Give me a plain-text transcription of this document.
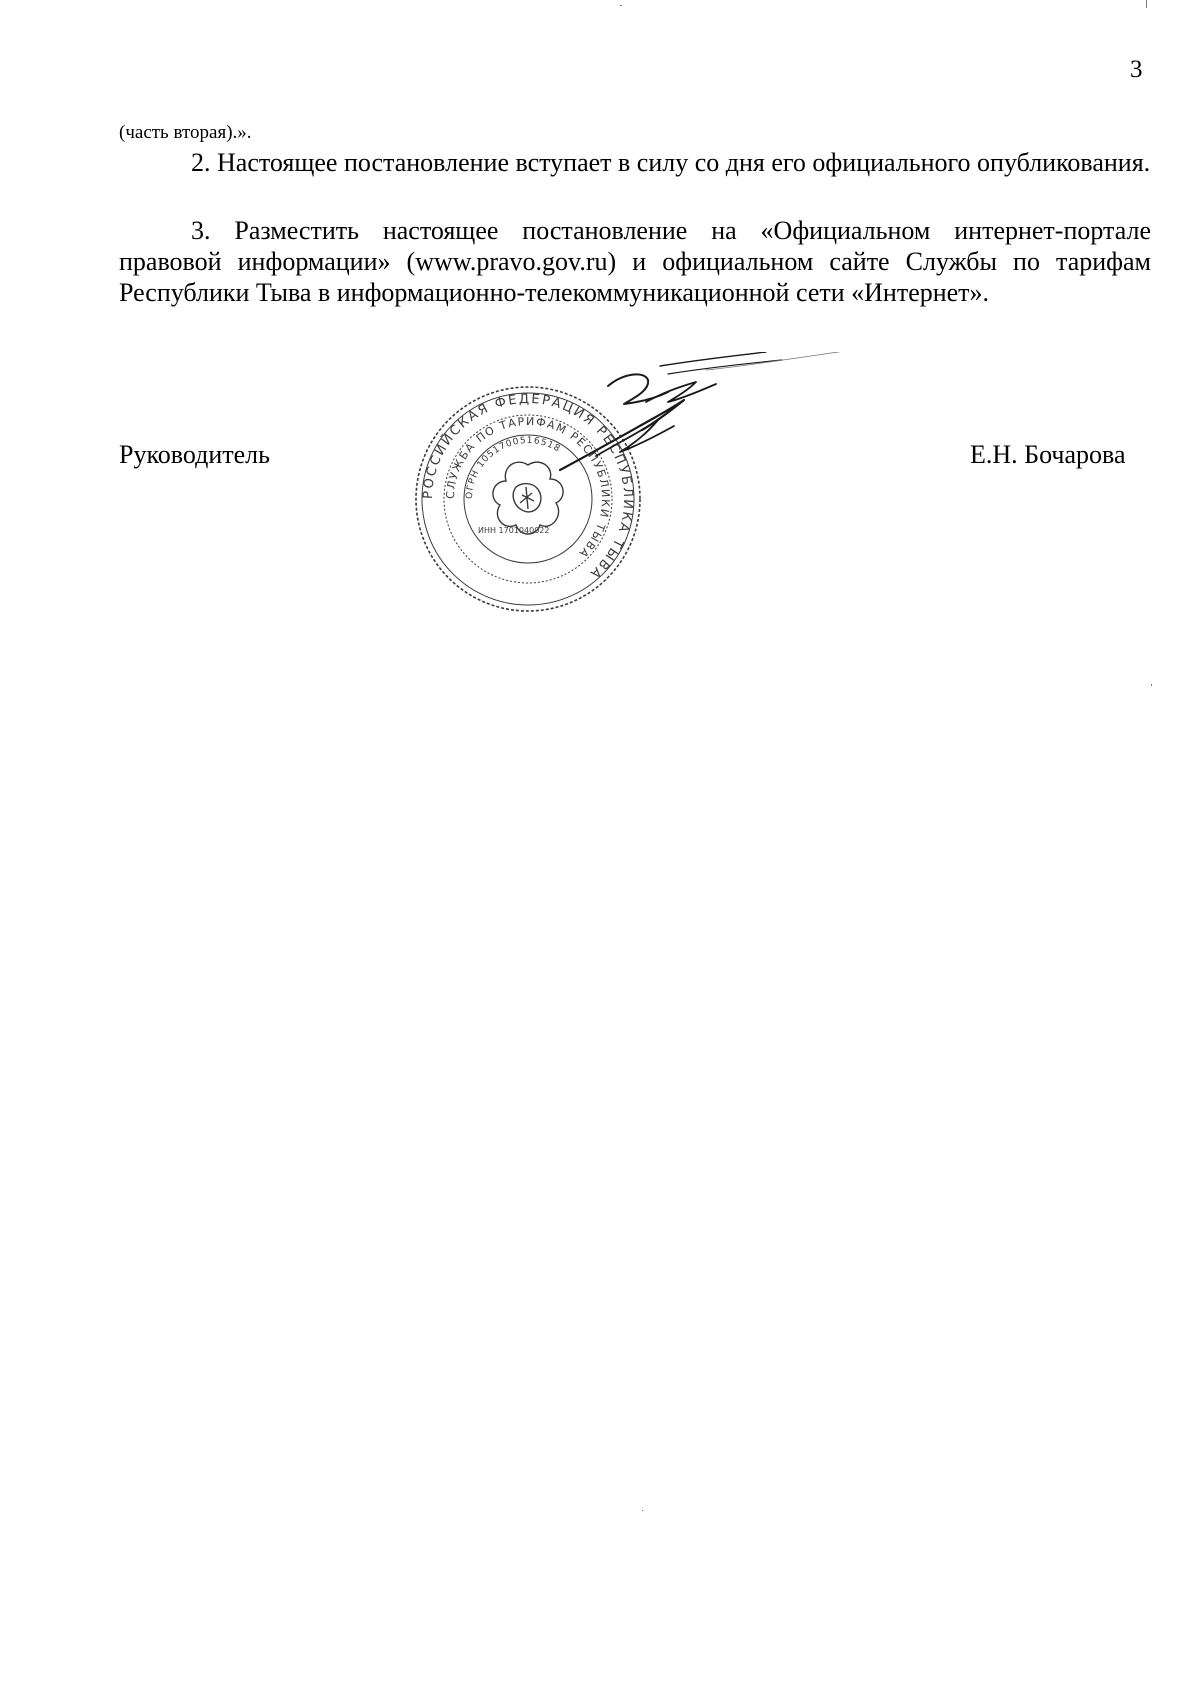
3
(часть вторая).».
2. Настоящее постановление вступает в силу со дня его официального опубликования.
3. Разместить настоящее постановление на «Официальном интернет-портале правовой информации» (www.pravo.gov.ru) и официальном сайте Службы по тарифам Республики Тыва в информационно-телекоммуникационной сети «Интернет».
Руководитель
РОССИЙСКАЯ ФЕДЕРАЦИЯ РЕСПУБЛИКА ТЫВА
СЛУЖБА ПО ТАРИФАМ РЕСПУБЛИКИ ТЫВА
ОГРН 1051700516518
ИНН 1701040022
Е.Н. Бочарова
